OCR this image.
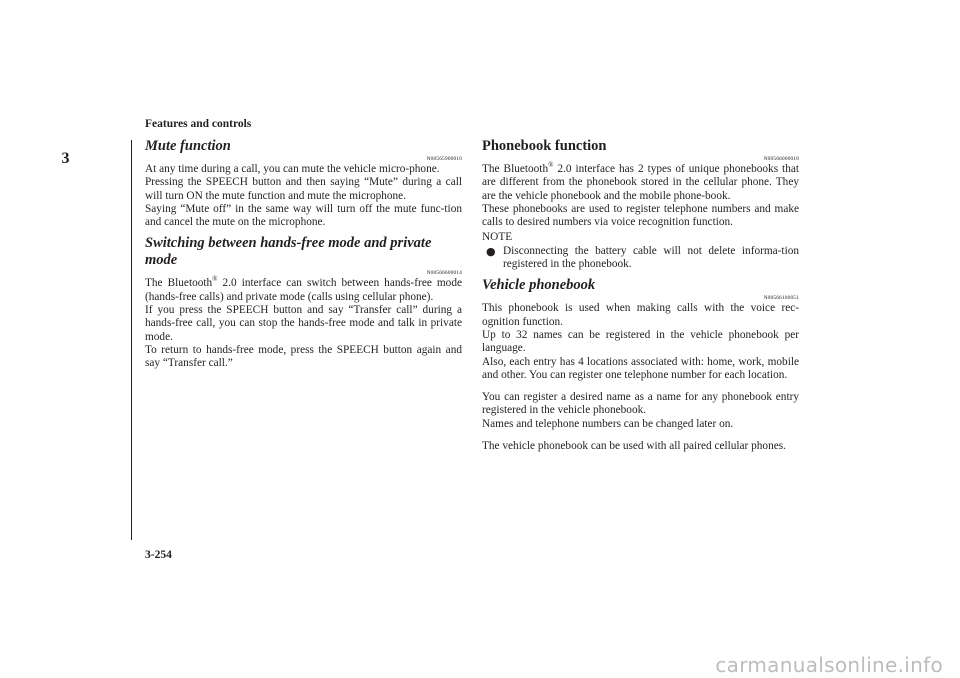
Features and controls
3
Mute function
N00565900010

At any time during a call, you can mute the vehicle micro-phone.

Pressing the SPEECH button and then saying “Mute” during a call will turn ON the mute function and mute the microphone.

Saying “Mute off” in the same way will turn off the mute func-tion and cancel the mute on the microphone.

Switching between hands-free mode and private mode
N00566600014

The Bluetooth® 2.0 interface can switch between hands-free mode (hands-free calls) and private mode (calls using cellular phone).

If you press the SPEECH button and say “Transfer call” during a hands-free call, you can stop the hands-free mode and talk in private mode.

To return to hands-free mode, press the SPEECH button again and say “Transfer call.”

Phonebook function
N00566000018

The Bluetooth® 2.0 interface has 2 types of unique phonebooks that are different from the phonebook stored in the cellular phone. They are the vehicle phonebook and the mobile phone-book.

These phonebooks are used to register telephone numbers and make calls to desired numbers via voice recognition function.

NOTE
● Disconnecting the battery cable will not delete informa-tion registered in the phonebook.
Vehicle phonebook
N00566100051

This phonebook is used when making calls with the voice rec-ognition function.

Up to 32 names can be registered in the vehicle phonebook per language.

Also, each entry has 4 locations associated with: home, work, mobile and other. You can register one telephone number for each location.

You can register a desired name as a name for any phonebook entry registered in the vehicle phonebook.

Names and telephone numbers can be changed later on.

The vehicle phonebook can be used with all paired cellular phones.

3-254
carmanualsonline.info
